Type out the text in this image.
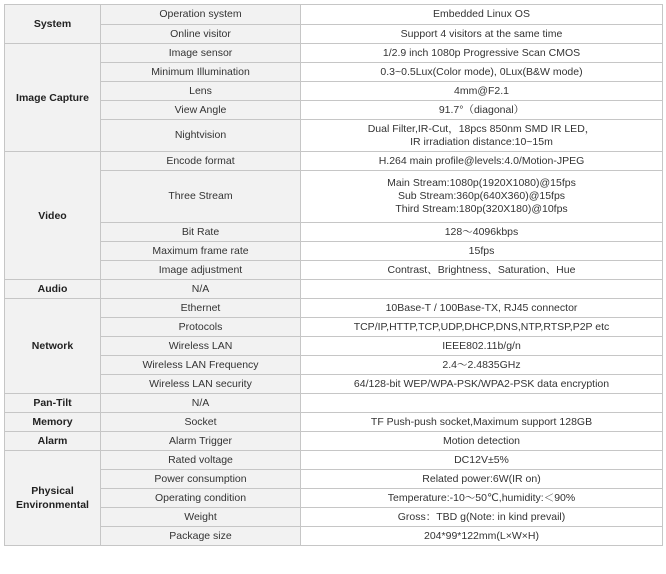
System	Operation system	Embedded Linux OS
	Online visitor	Support 4 visitors at the same time
Image Capture	Image sensor	1/2.9 inch 1080p Progressive Scan CMOS
	Minimum Illumination	0.3~0.5Lux(Color mode), 0Lux(B&W mode)
	Lens	4mm@F2.1
	View Angle	91.7°（diagonal）
	Nightvision	Dual Filter,IR-Cut，18pcs 850nm SMD IR LED，
IR irradiation distance:10~15m
Video	Encode format	H.264 main profile@levels:4.0/Motion-JPEG
	Three Stream	Main Stream:1080p(1920X1080)@15fps
Sub Stream:360p(640X360)@15fps
Third Stream:180p(320X180)@10fps
	Bit Rate	128～4096kbps
	Maximum frame rate	15fps
	Image adjustment	Contrast、Brightness、Saturation、Hue
Audio	N/A	
Network	Ethernet	10Base-T / 100Base-TX, RJ45 connector
	Protocols	TCP/IP,HTTP,TCP,UDP,DHCP,DNS,NTP,RTSP,P2P etc
	Wireless LAN	IEEE802.11b/g/n
	Wireless LAN Frequency	2.4～2.4835GHz
	Wireless LAN security	64/128-bit WEP/WPA-PSK/WPA2-PSK data encryption
Pan-Tilt	N/A	
Memory	Socket	TF Push-push socket,Maximum support 128GB
Alarm	Alarm Trigger	Motion detection
Physical
Environmental	Rated voltage	DC12V±5%
	Power consumption	Related power:6W(IR on)
	Operating condition	Temperature:-10～50℃,humidity:＜90%
	Weight	Gross：TBD g(Note: in kind prevail)
	Package size	204*99*122mm(L×W×H)
